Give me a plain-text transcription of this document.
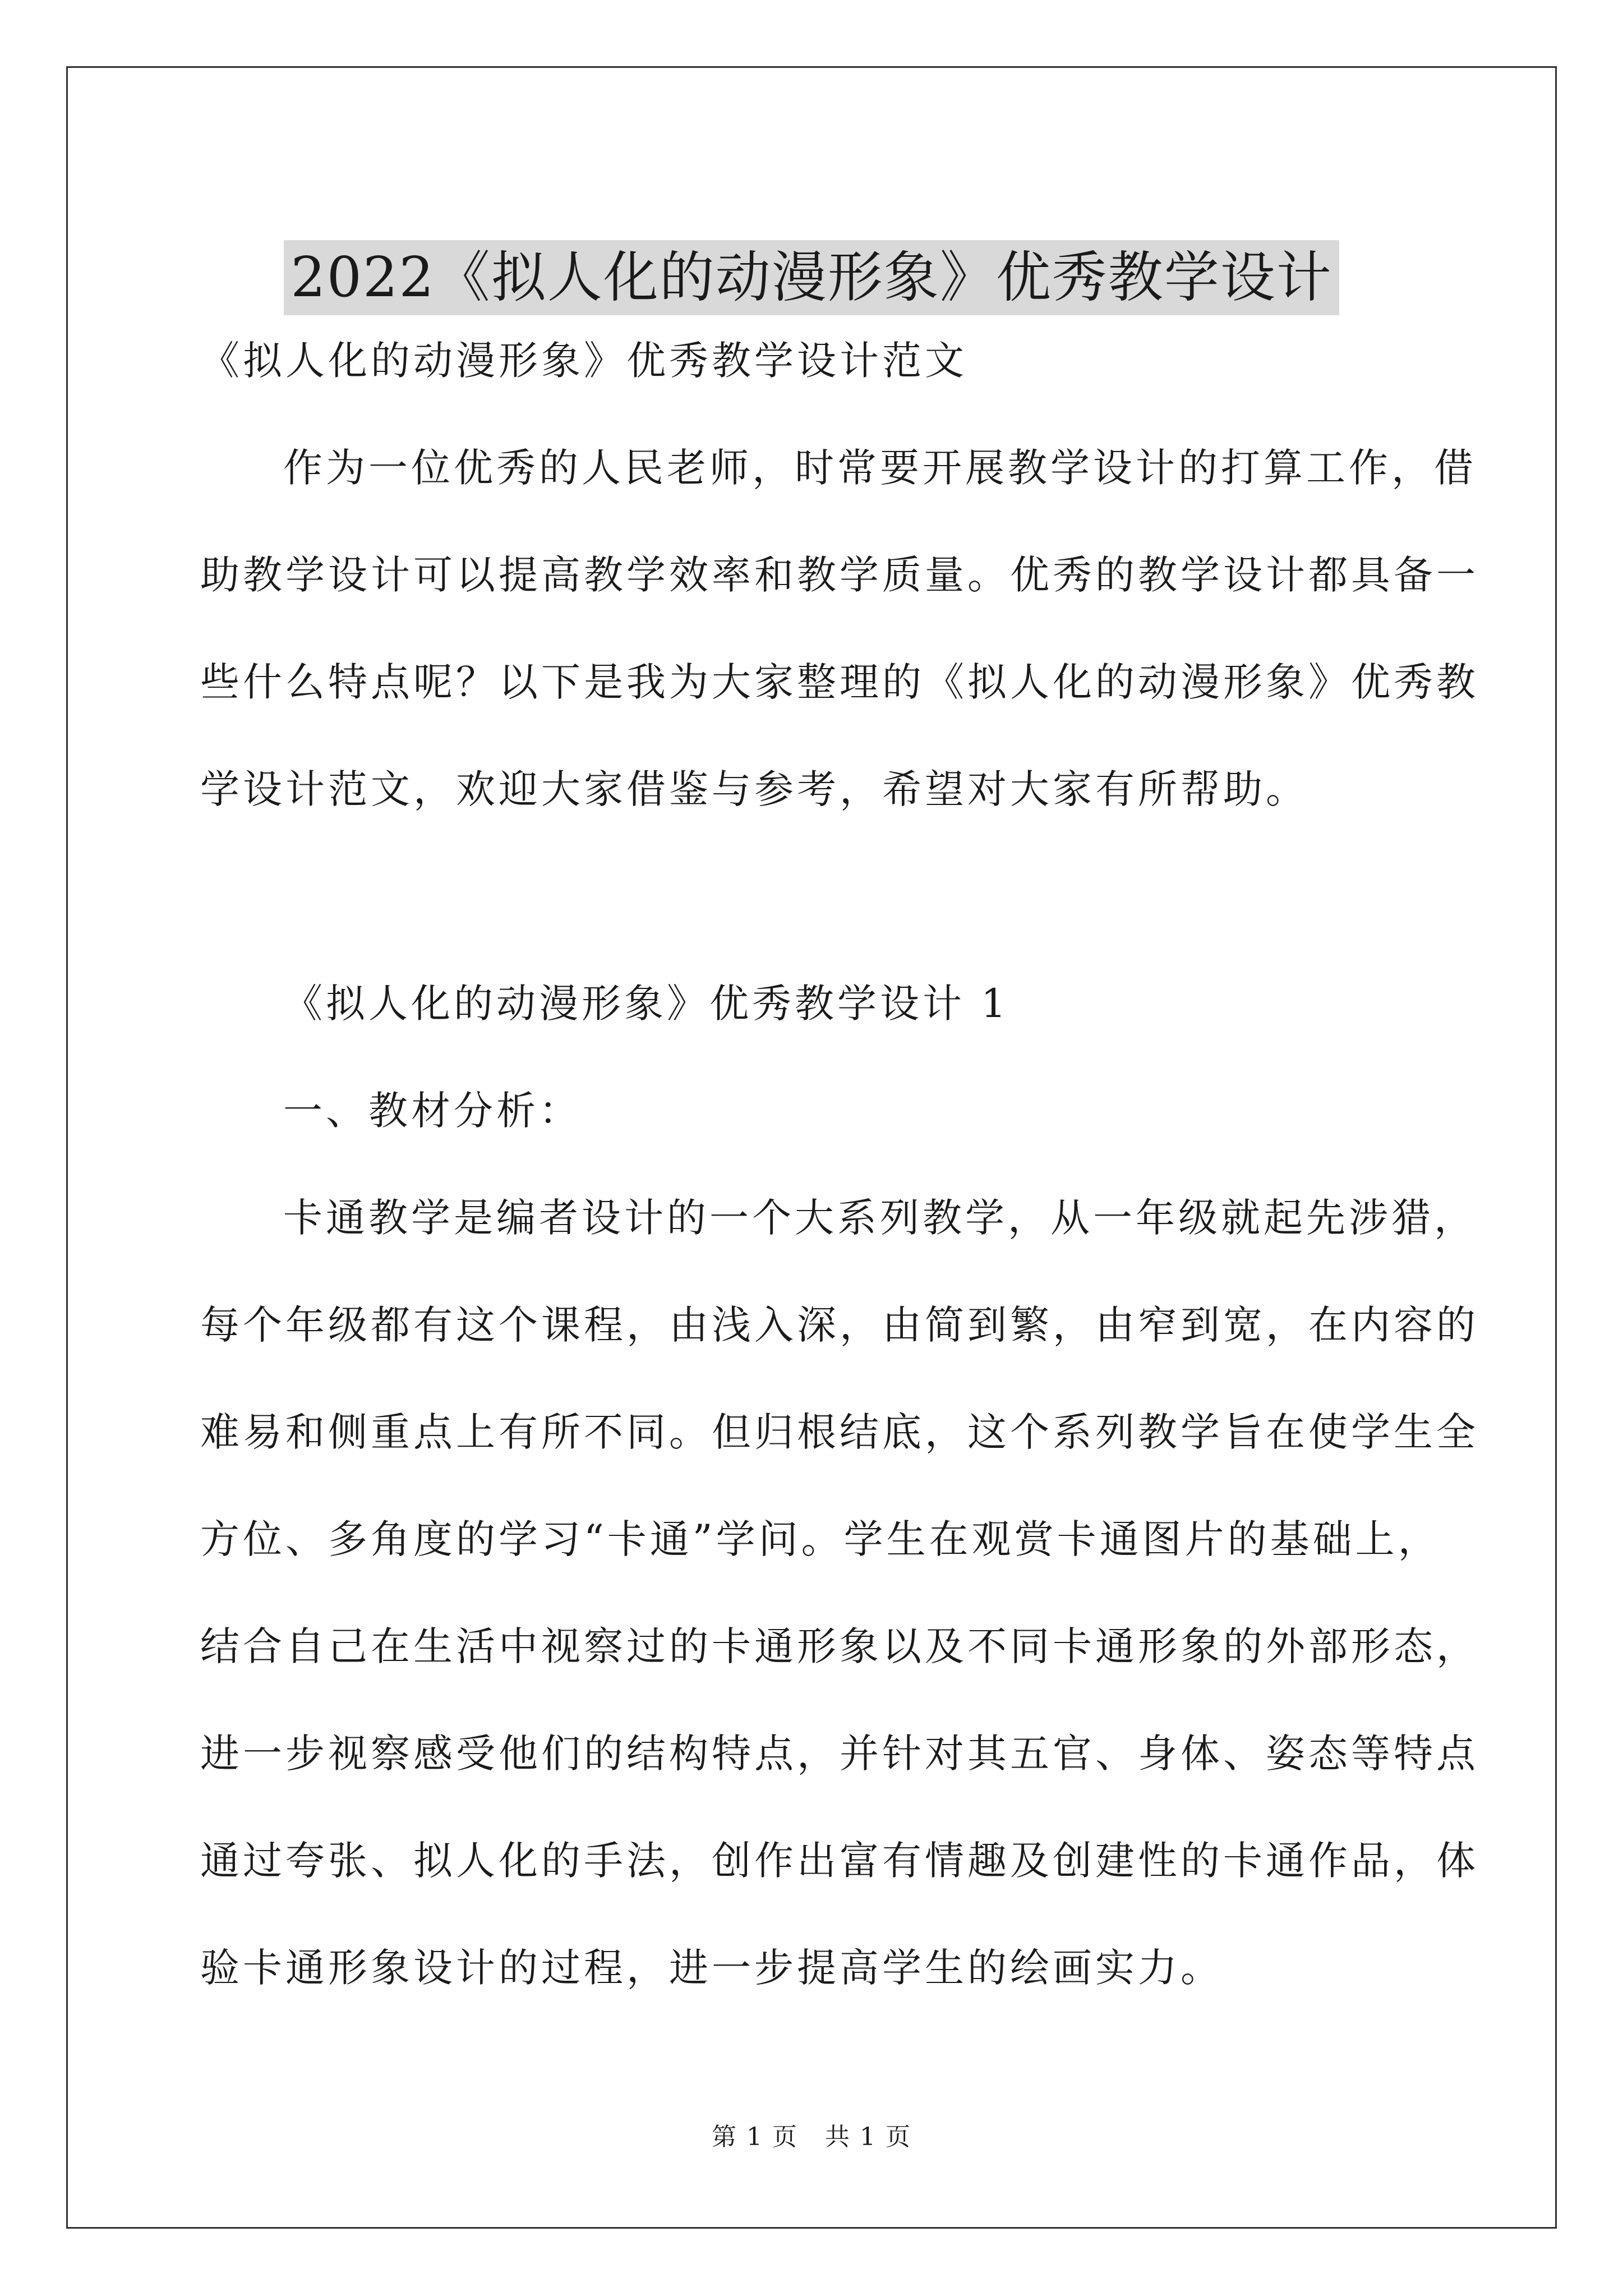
2022《拟人化的动漫形象》优秀教学设计
《拟人化的动漫形象》优秀教学设计范文
作为一位优秀的人民老师，时常要开展教学设计的打算工作，借
助教学设计可以提高教学效率和教学质量。优秀的教学设计都具备一
些什么特点呢？以下是我为大家整理的《拟人化的动漫形象》优秀教
学设计范文，欢迎大家借鉴与参考，希望对大家有所帮助。
《拟人化的动漫形象》优秀教学设计 1
一、教材分析：
卡通教学是编者设计的一个大系列教学，从一年级就起先涉猎，
每个年级都有这个课程，由浅入深，由简到繁，由窄到宽，在内容的
难易和侧重点上有所不同。但归根结底，这个系列教学旨在使学生全
方位、多角度的学习“卡通”学问。学生在观赏卡通图片的基础上，
结合自己在生活中视察过的卡通形象以及不同卡通形象的外部形态，
进一步视察感受他们的结构特点，并针对其五官、身体、姿态等特点
通过夸张、拟人化的手法，创作出富有情趣及创建性的卡通作品，体
验卡通形象设计的过程，进一步提高学生的绘画实力。
第 1 页 共 1 页
